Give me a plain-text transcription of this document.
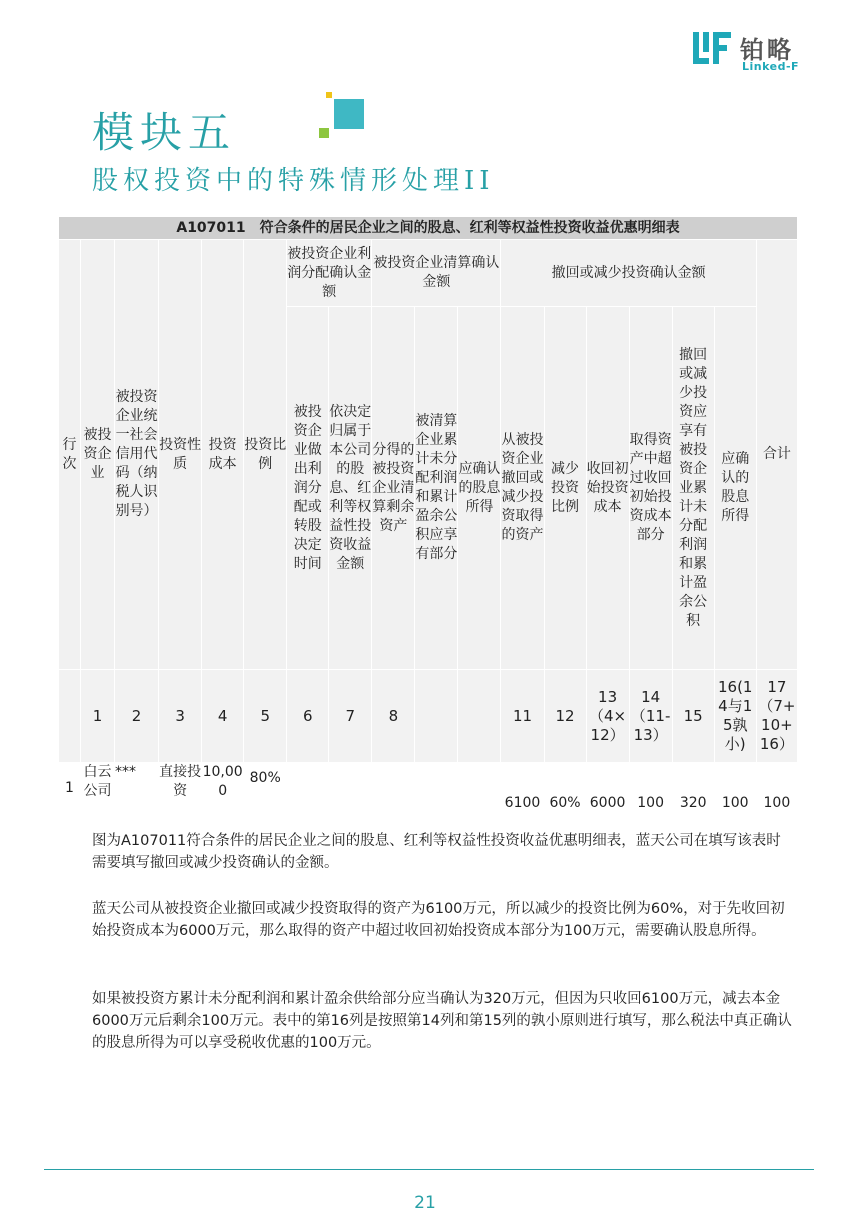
铂略
Linked-F
模块五
股权投资中的特殊情形处理II
A107011　符合条件的居民企业之间的股息、红利等权益性投资收益优惠明细表																	
行次	被投资企业	被投资企业统一社会信用代码（纳税人识别号）	投资性质	投资成本	投资比例	被投资企业利润分配确认金额		被投资企业清算确认金额			撤回或减少投资确认金额						合计
						被投资企业做出利润分配或转股决定时间	依决定归属于本公司的股息、红利等权益性投资收益金额	分得的被投资企业清算剩余资产	被清算企业累计未分配利润和累计盈余公积应享有部分	应确认的股息所得	从被投资企业撤回或减少投资取得的资产	减少投资比例	收回初始投资成本	取得资产中超过收回初始投资成本部分	撤回或减少投资应享有被投资企业累计未分配利润和累计盈余公积	应确认的股息所得	
	1	2	3	4	5	6	7	8			11	12	13（4×12）	14（11-13）	15	16(14与15孰小)	17（7+10+16）
1	白云公司	***	直接投资	10,000	80%						6100	60%	6000	100	320	100	100
图为A107011符合条件的居民企业之间的股息、红利等权益性投资收益优惠明细表，蓝天公司在填写该表时需要填写撤回或减少投资确认的金额。
蓝天公司从被投资企业撤回或减少投资取得的资产为6100万元，所以减少的投资比例为60%，对于先收回初始投资成本为6000万元，那么取得的资产中超过收回初始投资成本部分为100万元，需要确认股息所得。
如果被投资方累计未分配利润和累计盈余供给部分应当确认为320万元，但因为只收回6100万元，减去本金6000万元后剩余100万元。表中的第16列是按照第14列和第15列的孰小原则进行填写，那么税法中真正确认的股息所得为可以享受税收优惠的100万元。
21
